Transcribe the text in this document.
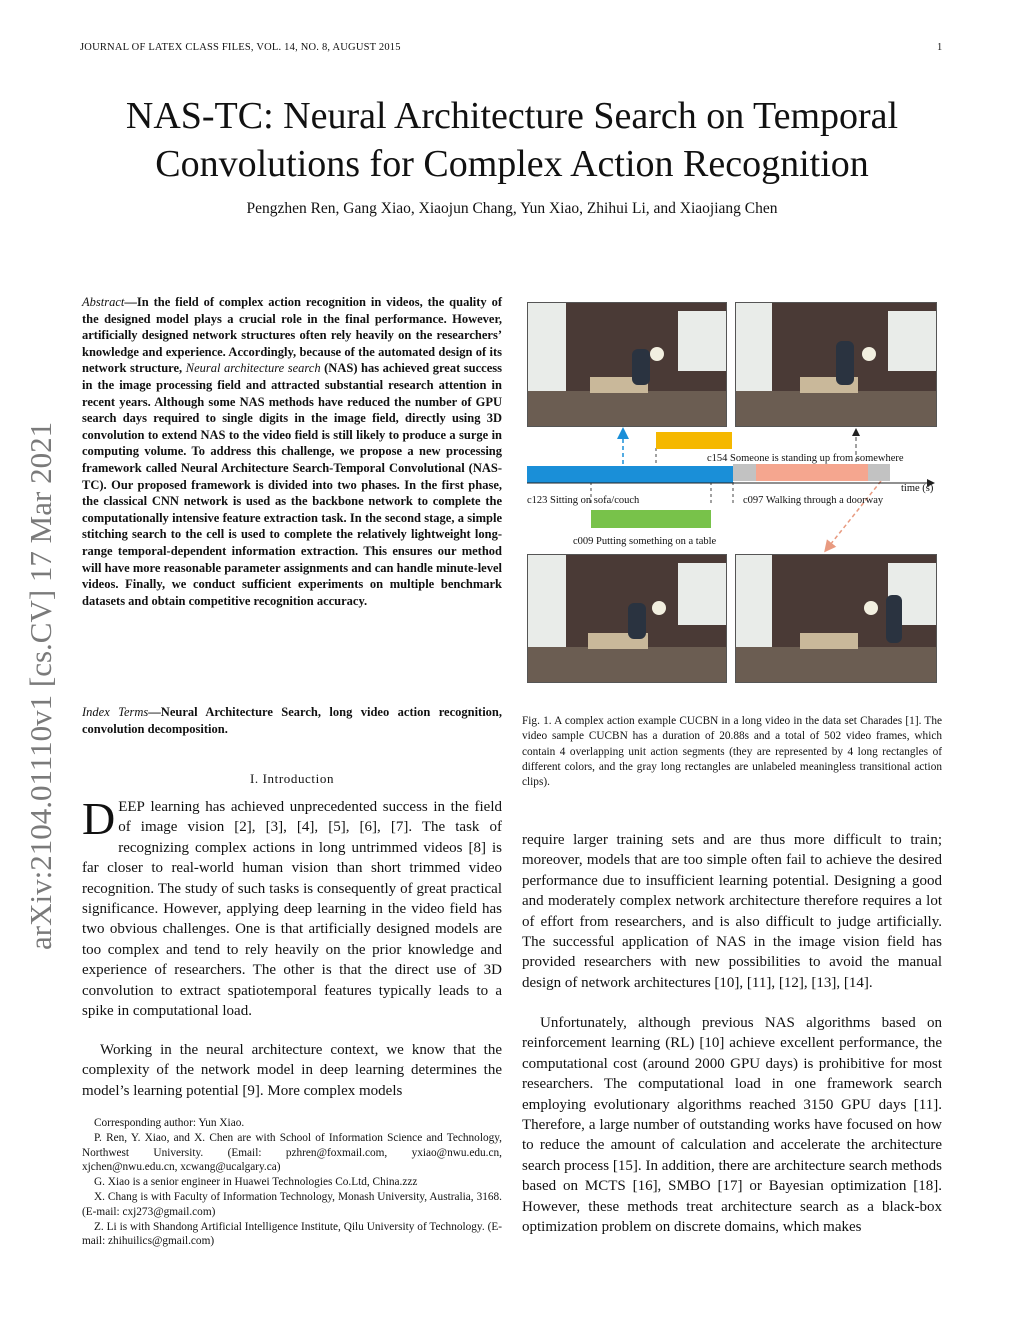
JOURNAL OF LATEX CLASS FILES, VOL. 14, NO. 8, AUGUST 2015	1
NAS-TC: Neural Architecture Search on Temporal Convolutions for Complex Action Recognition
Pengzhen Ren, Gang Xiao, Xiaojun Chang, Yun Xiao, Zhihui Li, and Xiaojiang Chen
arXiv:2104.01110v1 [cs.CV] 17 Mar 2021
Abstract—In the field of complex action recognition in videos, the quality of the designed model plays a crucial role in the final performance. However, artificially designed network structures often rely heavily on the researchers’ knowledge and experience. Accordingly, because of the automated design of its network structure, Neural architecture search (NAS) has achieved great success in the image processing field and attracted substantial research attention in recent years. Although some NAS methods have reduced the number of GPU search days required to single digits in the image field, directly using 3D convolution to extend NAS to the video field is still likely to produce a surge in computing volume. To address this challenge, we propose a new processing framework called Neural Architecture Search-Temporal Convolutional (NAS-TC). Our proposed framework is divided into two phases. In the first phase, the classical CNN network is used as the backbone network to complete the computationally intensive feature extraction task. In the second stage, a simple stitching search to the cell is used to complete the relatively lightweight long-range temporal-dependent information extraction. This ensures our method will have more reasonable parameter assignments and can handle minute-level videos. Finally, we conduct sufficient experiments on multiple benchmark datasets and obtain competitive recognition accuracy.
Index Terms—Neural Architecture Search, long video action recognition, convolution decomposition.
I. Introduction
DEEP learning has achieved unprecedented success in the field of image vision [2], [3], [4], [5], [6], [7]. The task of recognizing complex actions in long untrimmed videos [8] is far closer to real-world human vision than short trimmed video recognition. The study of such tasks is consequently of great practical significance. However, applying deep learning in the video field has two obvious challenges. One is that artificially designed models are too complex and tend to rely heavily on the prior knowledge and experience of researchers. The other is that the direct use of 3D convolution to extract spatiotemporal features typically leads to a spike in computational load.

Working in the neural architecture context, we know that the complexity of the network model in deep learning determines the model’s learning potential [9]. More complex models

Corresponding author: Yun Xiao.

P. Ren, Y. Xiao, and X. Chen are with School of Information Science and Technology, Northwest University. (Email: pzhren@foxmail.com, yxiao@nwu.edu.cn, xjchen@nwu.edu.cn, xcwang@ucalgary.ca)

G. Xiao is a senior engineer in Huawei Technologies Co.Ltd, China.zzz

X. Chang is with Faculty of Information Technology, Monash University, Australia, 3168. (E-mail: cxj273@gmail.com)

Z. Li is with Shandong Artificial Intelligence Institute, Qilu University of Technology. (E-mail: zhihuilics@gmail.com)

c154 Someone is standing up from somewhere
time (s)
c123 Sitting on sofa/couch	c097 Walking through a doorway
c009 Putting something on a table
Fig. 1. A complex action example CUCBN in a long video in the data set Charades [1]. The video sample CUCBN has a duration of 20.88s and a total of 502 video frames, which contain 4 overlapping unit action segments (they are represented by 4 long rectangles of different colors, and the gray long rectangles are unlabeled meaningless transitional action clips).

require larger training sets and are thus more difficult to train; moreover, models that are too simple often fail to achieve the desired performance due to insufficient learning potential. Designing a good and moderately complex network architecture therefore requires a lot of effort from researchers, and is also difficult to judge artificially. The successful application of NAS in the image vision field has provided researchers with new possibilities to avoid the manual design of network architectures [10], [11], [12], [13], [14].

Unfortunately, although previous NAS algorithms based on reinforcement learning (RL) [10] achieve excellent performance, the computational cost (around 2000 GPU days) is prohibitive for most researchers. The computational load in one framework search employing evolutionary algorithms reached 3150 GPU days [11]. Therefore, a large number of outstanding works have focused on how to reduce the amount of calculation and accelerate the architecture search process [15]. In addition, there are architecture search methods based on MCTS [16], SMBO [17] or Bayesian optimization [18]. However, these methods treat architecture search as a black-box optimization problem on discrete domains, which makes
